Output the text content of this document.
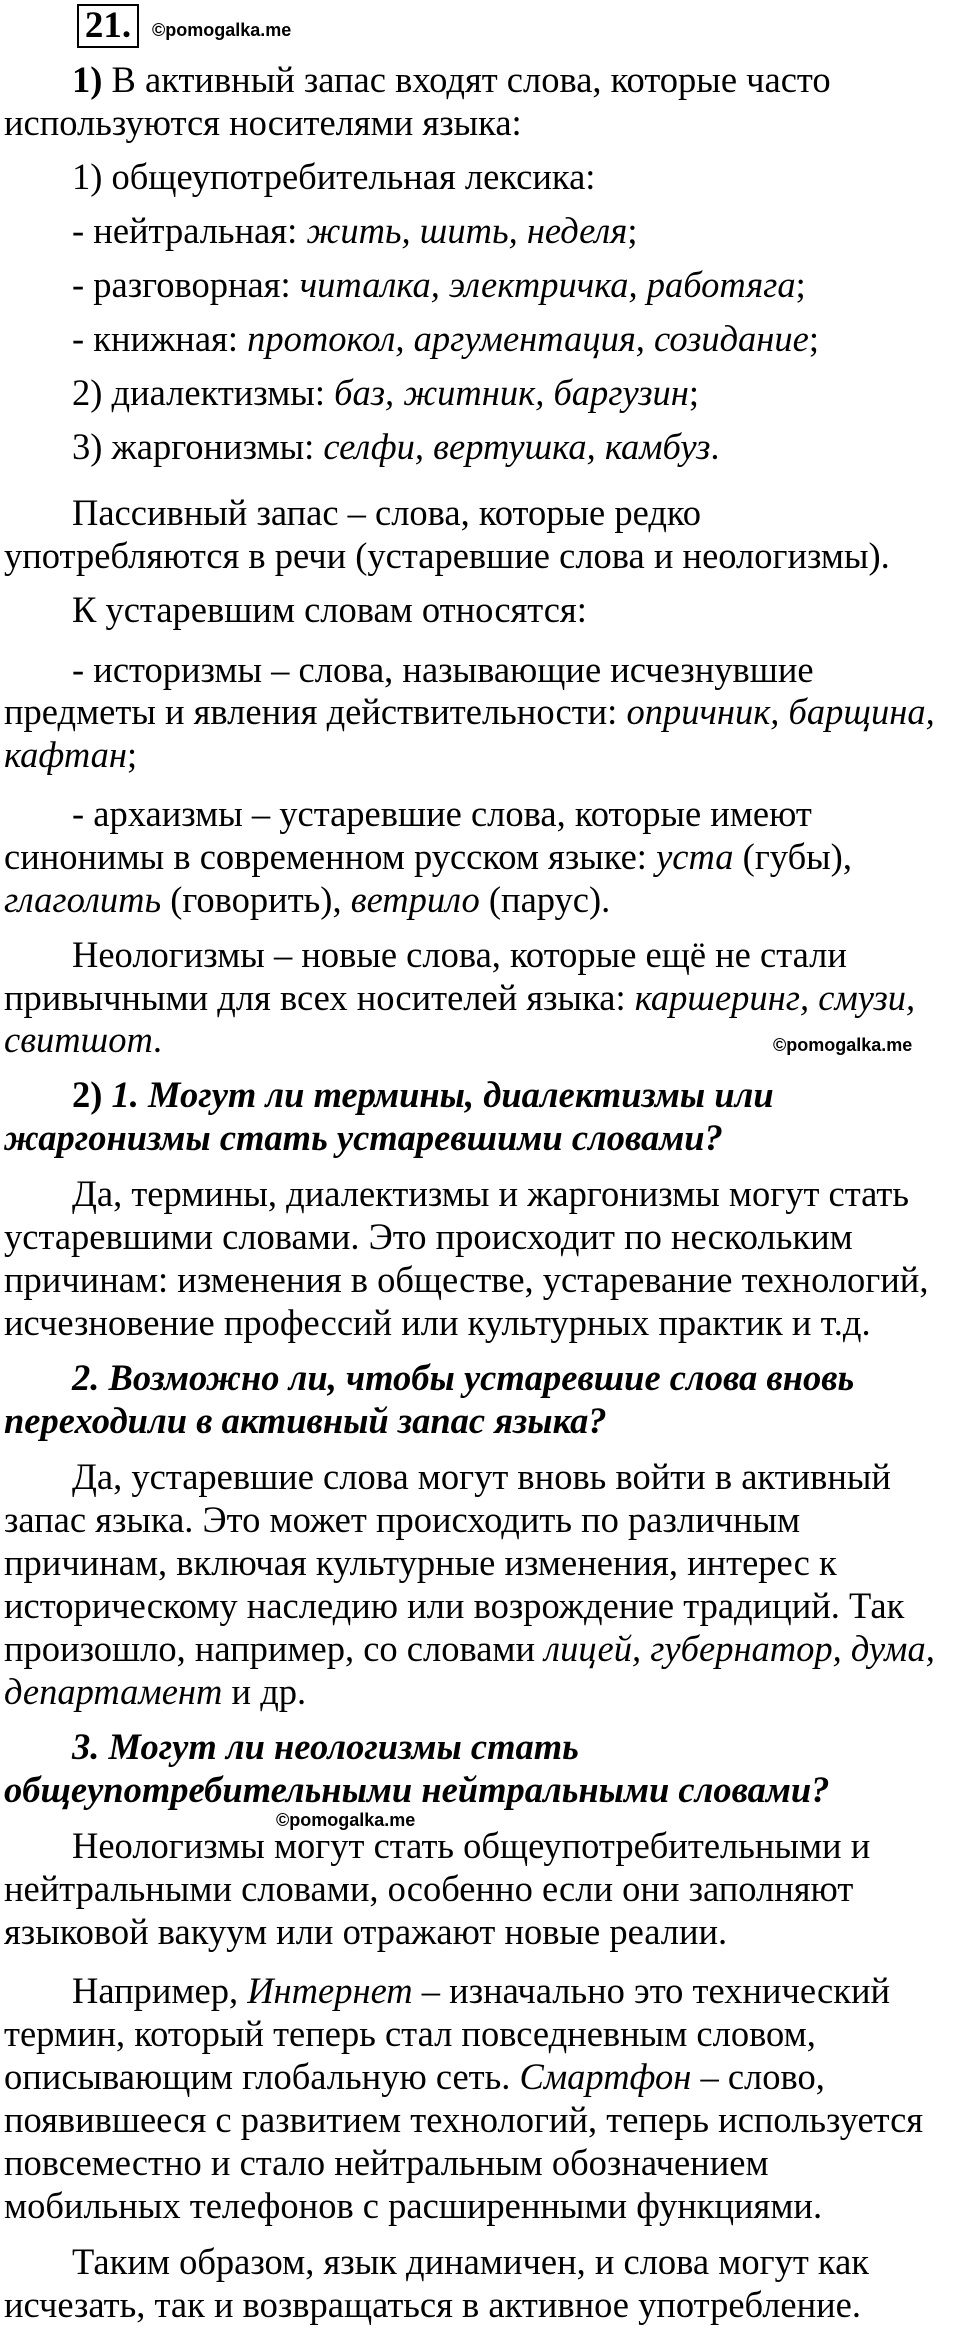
21.	©pomogalka.me
1) В активный запас входят слова, которые часто
используются носителями языка:
1) общеупотребительная лексика:
- нейтральная: жить, шить, неделя;
- разговорная: читалка, электричка, работяга;
- книжная: протокол, аргументация, созидание;
2) диалектизмы: баз, житник, баргузин;
3) жаргонизмы: селфи, вертушка, камбуз.
Пассивный запас – слова, которые редко
употребляются в речи (устаревшие слова и неологизмы).
К устаревшим словам относятся:
- историзмы – слова, называющие исчезнувшие
предметы и явления действительности: опричник, барщина,
кафтан;
- архаизмы – устаревшие слова, которые имеют
синонимы в современном русском языке: уста (губы),
глаголить (говорить), ветрило (парус).
Неологизмы – новые слова, которые ещё не стали
привычными для всех носителей языка: каршеринг, смузи,
свитшот.	©pomogalka.me
2) 1. Могут ли термины, диалектизмы или
жаргонизмы стать устаревшими словами?
Да, термины, диалектизмы и жаргонизмы могут стать
устаревшими словами. Это происходит по нескольким
причинам: изменения в обществе, устаревание технологий,
исчезновение профессий или культурных практик и т.д.
2. Возможно ли, чтобы устаревшие слова вновь
переходили в активный запас языка?
Да, устаревшие слова могут вновь войти в активный
запас языка. Это может происходить по различным
причинам, включая культурные изменения, интерес к
историческому наследию или возрождение традиций. Так
произошло, например, со словами лицей, губернатор, дума,
департамент и др.
3. Могут ли неологизмы стать
общеупотребительными нейтральными словами?
©pomogalka.me
Неологизмы могут стать общеупотребительными и
нейтральными словами, особенно если они заполняют
языковой вакуум или отражают новые реалии.
Например, Интернет – изначально это технический
термин, который теперь стал повседневным словом,
описывающим глобальную сеть. Смартфон – слово,
появившееся с развитием технологий, теперь используется
повсеместно и стало нейтральным обозначением
мобильных телефонов с расширенными функциями.
Таким образом, язык динамичен, и слова могут как
исчезать, так и возвращаться в активное употребление.
